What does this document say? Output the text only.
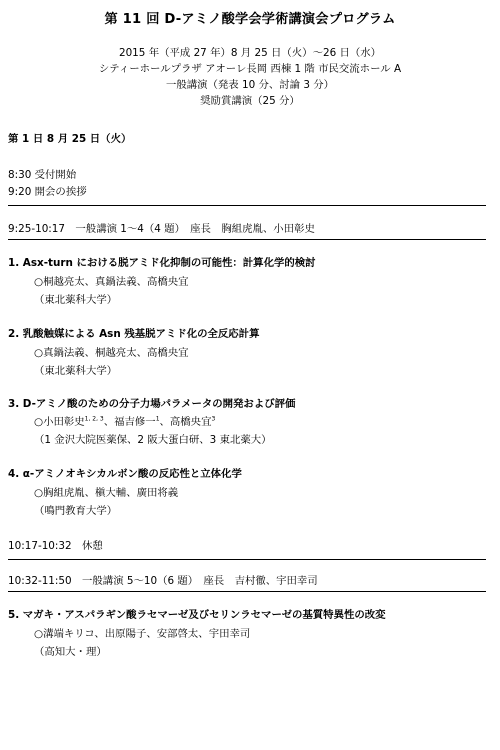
第 11 回 D-アミノ酸学会学術講演会プログラム
2015 年（平成 27 年）8 月 25 日（火）～26 日（水）
シティーホールプラザ アオーレ長岡 西棟 1 階 市民交流ホール A
一般講演（発表 10 分、討論 3 分）
奨励賞講演（25 分）
第 1 日 8 月 25 日（火）
8:30 受付開始
9:20 開会の挨拶
9:25-10:17　一般講演 1～4（4 題）　座長　胸組虎胤、小田彰史
1. Asx-turn における脱アミド化抑制の可能性：計算化学的検討
○桐越亮太、真鍋法義、高橋央宜
（東北薬科大学）
2. 乳酸触媒による Asn 残基脱アミド化の全反応計算
○真鍋法義、桐越亮太、高橋央宜
（東北薬科大学）
3. D-アミノ酸のための分子力場パラメータの開発および評価
○小田彰史$^{1, 2, 3}$、福吉修一$^1$、高橋央宜$^3$
（1 金沢大院医薬保、2 阪大蛋白研、3 東北薬大）
4. α-アミノオキシカルボン酸の反応性と立体化学
○胸組虎胤、槇大輔、廣田将義
（鳴門教育大学）
10:17-10:32　休憩
10:32-11:50　一般講演 5～10（6 題）　座長　吉村徹、宇田幸司
5. マガキ・アスパラギン酸ラセマーゼ及びセリンラセマーゼの基質特異性の改変
○溝端キリコ、出原陽子、安部啓太、宇田幸司
（高知大・理）
